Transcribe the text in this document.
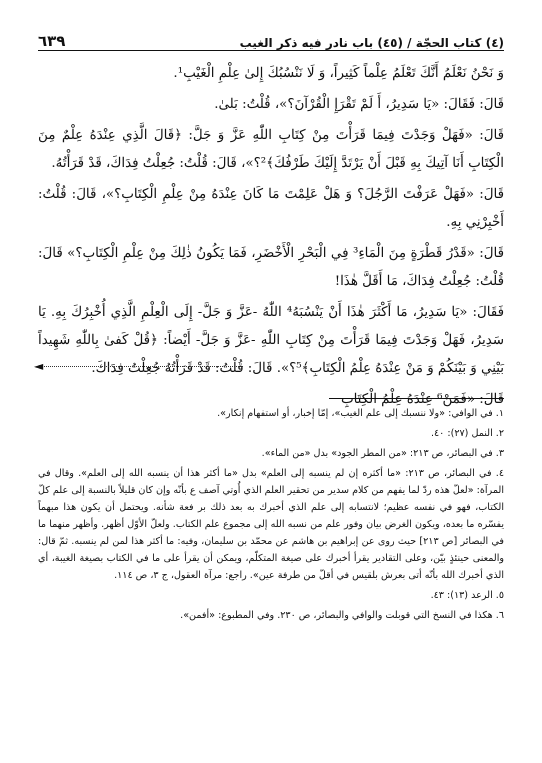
(٤) كتاب الحجّة / (٤٥) باب نادر فيه ذكر الغيب
٦٣٩

وَ نَحْنُ نَعْلَمُ أَنَّكَ تَعْلَمُ عِلْماً كَثِيراً، وَ لَا نَنْسُبُكَ إِلىٰ عِلْمِ الْغَيْبِ¹.

قَالَ: فَقَالَ: «يَا سَدِيرُ، أَ لَمْ تَقْرَإِ الْقُرْآنَ؟»، قُلْتُ: بَلىٰ.

قَالَ: «فَهَلْ وَجَدْتَ فِيمَا قَرَأْتَ مِنْ كِتَابِ اللّٰهِ عَزَّ وَ جَلَّ: ﴿قَالَ الَّذِي عِنْدَهُ عِلْمٌ مِنَ الْكِتَابِ أَنَا آتِيكَ بِهِ قَبْلَ أَنْ يَرْتَدَّ إِلَيْكَ طَرْفُكَ﴾²؟»، قَالَ: قُلْتُ: جُعِلْتُ فِدَاكَ، قَدْ قَرَأْتُهُ.

قَالَ: «فَهَلْ عَرَفْتَ الرَّجُلَ؟ وَ هَلْ عَلِمْتَ مَا كَانَ عِنْدَهُ مِنْ عِلْمِ الْكِتَابِ؟»، قَالَ: قُلْتُ: أَخْبِرْنِي بِهِ.

قَالَ: «قَدْرُ قَطْرَةٍ مِنَ الْمَاءِ³ فِي الْبَحْرِ الْأَخْضَرِ، فَمَا يَكُونُ ذٰلِكَ مِنْ عِلْمِ الْكِتَابِ؟» قَالَ: قُلْتُ: جُعِلْتُ فِدَاكَ، مَا أَقَلَّ هٰذَا!

فَقَالَ: «يَا سَدِيرُ، مَا أَكْثَرَ هٰذَا أَنْ يَنْسُبَهُ⁴ اللّٰهُ -عَزَّ وَ جَلَّ- إِلَى الْعِلْمِ الَّذِي أُخْبِرُكَ بِهِ. يَا سَدِيرُ، فَهَلْ وَجَدْتَ فِيمَا قَرَأْتَ مِنْ كِتَابِ اللّٰهِ -عَزَّ وَ جَلَّ- أَيْضاً: ﴿قُلْ كَفىٰ بِاللّٰهِ شَهِيداً بَيْنِي وَ بَيْنَكُمْ وَ مَنْ عِنْدَهُ عِلْمُ الْكِتَابِ﴾⁵؟». قَالَ: قُلْتُ: قَدْ قَرَأْتُهُ جُعِلْتُ فِدَاكَ.

قَالَ: «فَمَنْ⁶ عِنْدَهُ عِلْمُ الْكِتَابِ

◄

١. في الوافي: «ولا ننسبك إلى علم الغيب»، إمّا إخبار، أو استفهام إنكار».

٢. النمل (٢٧): ٤٠.

٣. في البصائر، ص ٢١٣: «من المطر الجود» بدل «من الماء».

٤. في البصائر، ص ٢١٣: «ما أكثره إن لم ينسبه إلى العلم» بدل «ما أكثر هذا أن ينسبه الله إلى العلم». وقال في المرآة: «لعلّ هذه ردّ لما يفهم من كلام سدير من تحقير العلم الذي أُوتي آصف ع بأنّه وإن كان قليلاً بالنسبة إلى علم كلّ الكتاب، فهو في نفسه عظيم؛ لانتسابه إلى علم الذي أخبرك به بعد ذلك بر فعة شأنه. ويحتمل أن يكون هذا مبهماً يفسّره ما بعده، ويكون الغرض بيان وفور علم من نسبه الله إلى مجموع علم الكتاب. ولعلّ الأوّل أظهر. وأظهر منهما ما في البصائر [ص ٢١٣] حيث روى عن إبراهيم بن هاشم عن محمّد بن سليمان، وفيه: ما أكثر هذا لمن لم ينسبه. ثمّ قال: والمعنى حينئذٍ بيّن، وعلى التقادير يقرأ أخبرك على صيغة المتكلّم، ويمكن أن يقرأ على ما في الكتاب بصيغة الغيبة، أي الذي أخبرك الله بأنّه أتى بعرش بلقيس في أقلّ من طرفة عين». راجع: مرآة العقول، ج ٣، ص ١١٤.

٥. الرعد (١٣): ٤٣.

٦. هكذا في النسخ التي قوبلت والوافي والبصائر، ص ٢٣٠. وفي المطبوع: «أفمن».
